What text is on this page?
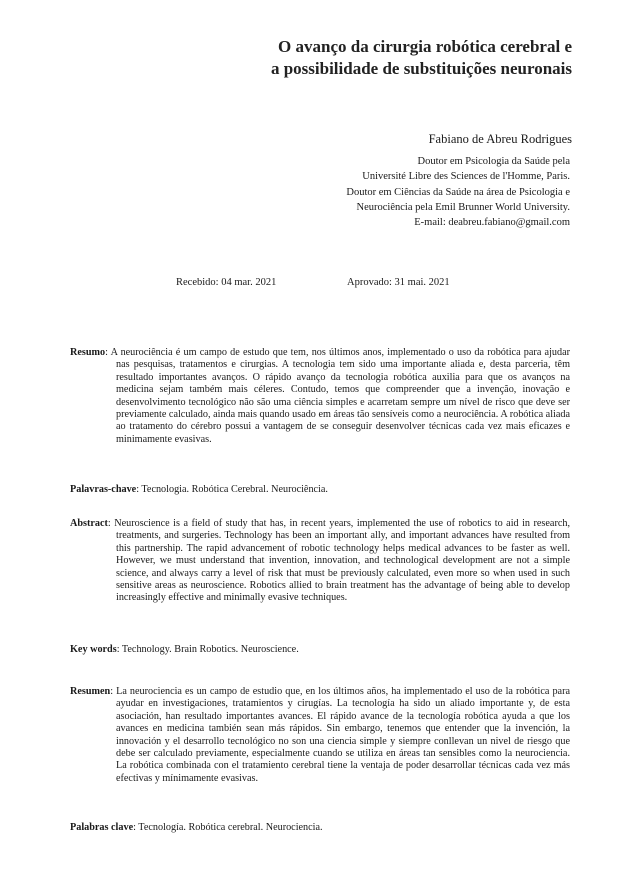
O avanço da cirurgia robótica cerebral e
a possibilidade de substituições neuronais
Fabiano de Abreu Rodrigues
Doutor em Psicologia da Saúde pela
Université Libre des Sciences de l'Homme, Paris.
Doutor em Ciências da Saúde na área de Psicologia e
Neurociência pela Emil Brunner World University.
E-mail: deabreu.fabiano@gmail.com
Recebido: 04 mar. 2021	Aprovado: 31 mai. 2021
Resumo: A neurociência é um campo de estudo que tem, nos últimos anos, implementado o uso da robótica para ajudar nas pesquisas, tratamentos e cirurgias. A tecnologia tem sido uma importante aliada e, desta parceria, têm resultado importantes avanços. O rápido avanço da tecnologia robótica auxilia para que os avanços na medicina sejam também mais céleres. Contudo, temos que compreender que a invenção, inovação e desenvolvimento tecnológico não são uma ciência simples e acarretam sempre um nível de risco que deve ser previamente calculado, ainda mais quando usado em áreas tão sensíveis como a neurociência. A robótica aliada ao tratamento do cérebro possui a vantagem de se conseguir desenvolver técnicas cada vez mais eficazes e minimamente evasivas.
Palavras-chave: Tecnologia. Robótica Cerebral. Neurociência.
Abstract: Neuroscience is a field of study that has, in recent years, implemented the use of robotics to aid in research, treatments, and surgeries. Technology has been an important ally, and important advances have resulted from this partnership. The rapid advancement of robotic technology helps medical advances to be faster as well. However, we must understand that invention, innovation, and technological development are not a simple science, and always carry a level of risk that must be previously calculated, even more so when used in such sensitive areas as neuroscience. Robotics allied to brain treatment has the advantage of being able to develop increasingly effective and minimally evasive techniques.
Key words: Technology. Brain Robotics. Neuroscience.
Resumen: La neurociencia es un campo de estudio que, en los últimos años, ha implementado el uso de la robótica para ayudar en investigaciones, tratamientos y cirugías. La tecnología ha sido un aliado importante y, de esta asociación, han resultado importantes avances. El rápido avance de la tecnología robótica ayuda a que los avances en medicina también sean más rápidos. Sin embargo, tenemos que entender que la invención, la innovación y el desarrollo tecnológico no son una ciencia simple y siempre conllevan un nivel de riesgo que debe ser calculado previamente, especialmente cuando se utiliza en áreas tan sensibles como la neurociencia. La robótica combinada con el tratamiento cerebral tiene la ventaja de poder desarrollar técnicas cada vez más efectivas y mínimamente evasivas.
Palabras clave: Tecnología. Robótica cerebral. Neurociencia.
